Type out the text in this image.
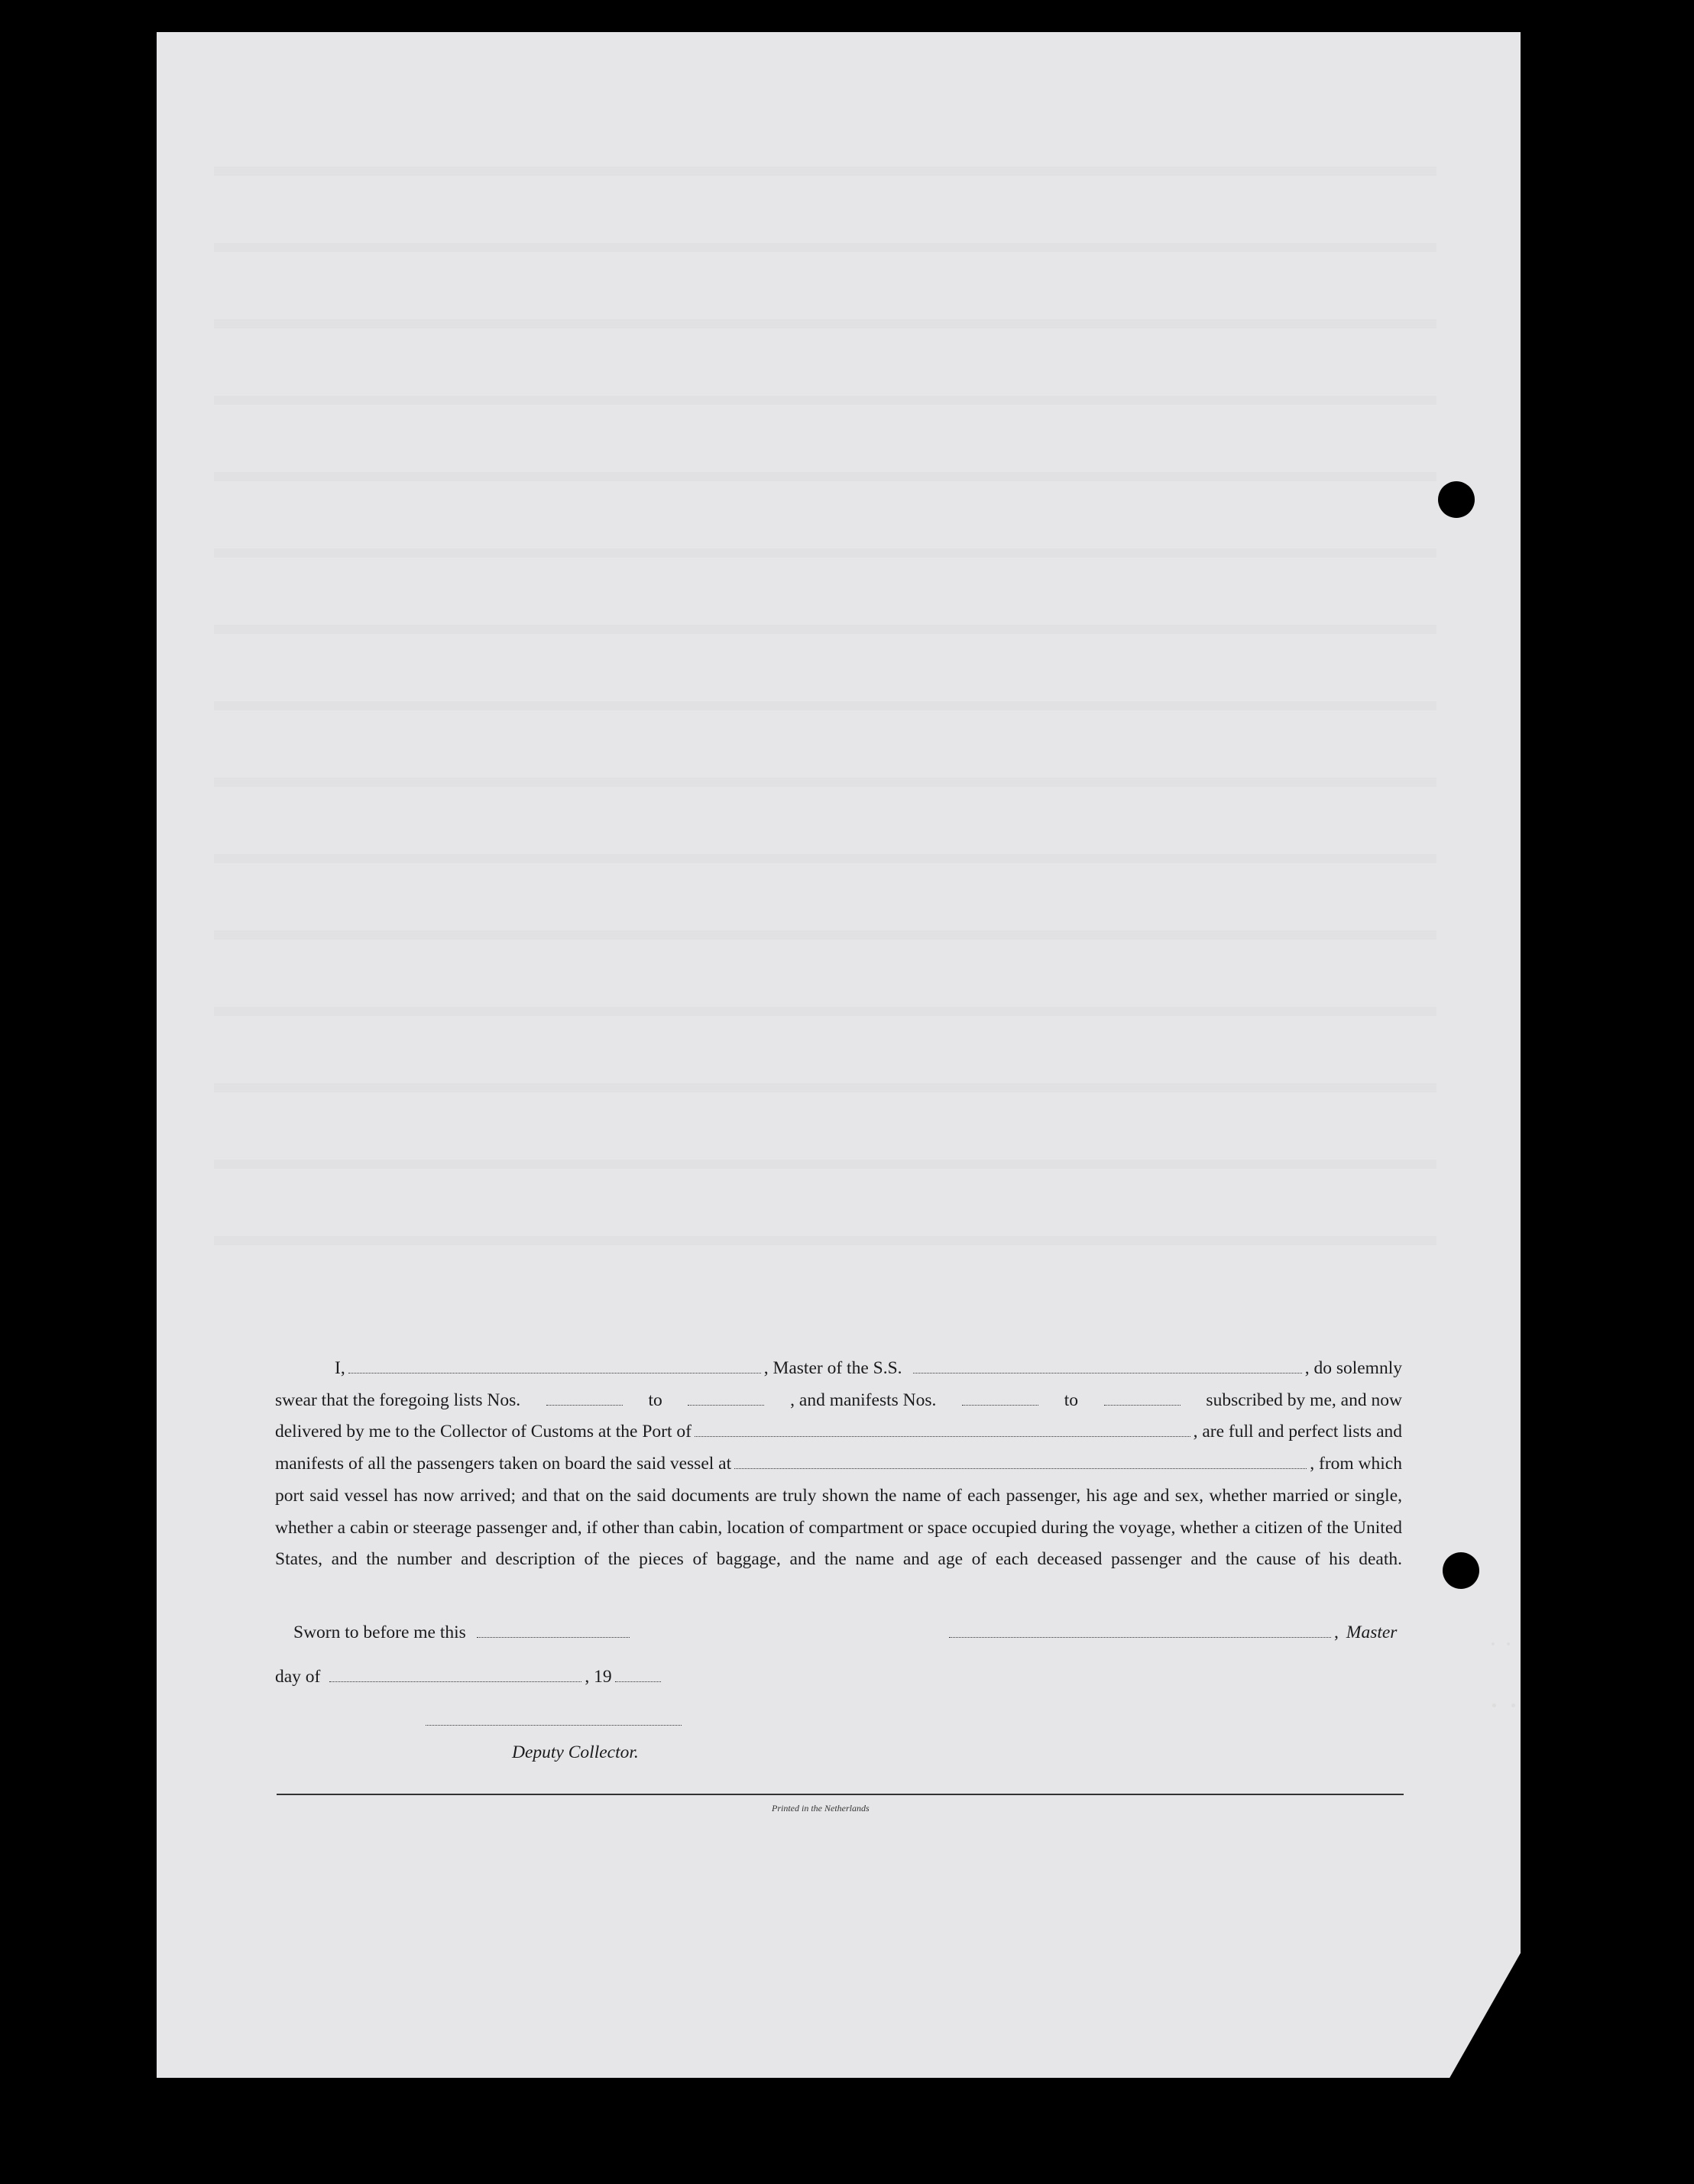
I,	, Master of the S.S.	, do solemnly
swear that the foregoing lists Nos.	to	, and manifests Nos.	to	subscribed by me, and now
delivered by me to the Collector of Customs at the Port of	, are full and perfect lists and
manifests of all the passengers taken on board the said vessel at	, from which
port said vessel has now arrived; and that on the said documents are truly shown the name of each passenger, his age and sex, whether married or single, whether a cabin or steerage passenger and, if other than cabin, location of compartment or space occupied during the voyage, whether a citizen of the United States, and the number and description of the pieces of baggage, and the name and age of each deceased passenger and the cause of his death.
Sworn to before me this	, Master
day of	, 19
Deputy Collector.
Printed in the Netherlands
